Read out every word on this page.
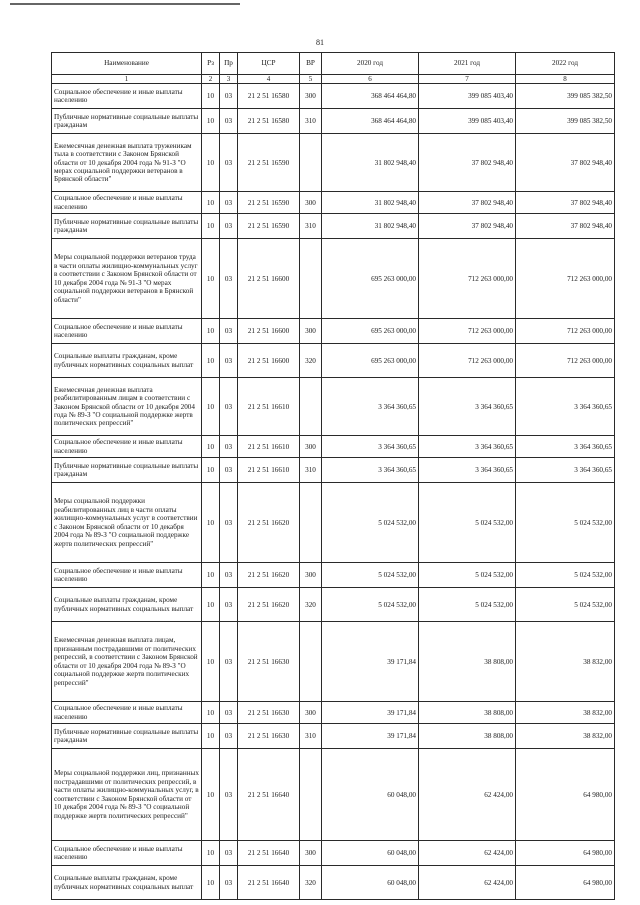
81
Наименование	Рз	Пр	ЦСР	ВР	2020 год	2021 год	2022 год
1	2	3	4	5	6	7	8
Социальное обеспечение и иные выплаты населению	10	03	21 2 51 16580	300	368 464 464,80	399 085 403,40	399 085 382,50
Публичные нормативные социальные выплаты гражданам	10	03	21 2 51 16580	310	368 464 464,80	399 085 403,40	399 085 382,50
Ежемесячная денежная выплата труженикам тыла в соответствии с Законом Брянской области от 10 декабря 2004 года № 91-З "О мерах социальной поддержки ветеранов в Брянской области"	10	03	21 2 51 16590		31 802 948,40	37 802 948,40	37 802 948,40
Социальное обеспечение и иные выплаты населению	10	03	21 2 51 16590	300	31 802 948,40	37 802 948,40	37 802 948,40
Публичные нормативные социальные выплаты гражданам	10	03	21 2 51 16590	310	31 802 948,40	37 802 948,40	37 802 948,40
Меры социальной поддержки ветеранов труда в части оплаты жилищно-коммунальных услуг в соответствии с Законом Брянской области от 10 декабря 2004 года № 91-З "О мерах социальной поддержки ветеранов в Брянской области"	10	03	21 2 51 16600		695 263 000,00	712 263 000,00	712 263 000,00
Социальное обеспечение и иные выплаты населению	10	03	21 2 51 16600	300	695 263 000,00	712 263 000,00	712 263 000,00
Социальные выплаты гражданам, кроме публичных нормативных социальных выплат	10	03	21 2 51 16600	320	695 263 000,00	712 263 000,00	712 263 000,00
Ежемесячная денежная выплата реабилитированным лицам в соответствии с Законом Брянской области от 10 декабря 2004 года № 89-З "О социальной поддержке жертв политических репрессий"	10	03	21 2 51 16610		3 364 360,65	3 364 360,65	3 364 360,65
Социальное обеспечение и иные выплаты населению	10	03	21 2 51 16610	300	3 364 360,65	3 364 360,65	3 364 360,65
Публичные нормативные социальные выплаты гражданам	10	03	21 2 51 16610	310	3 364 360,65	3 364 360,65	3 364 360,65
Меры социальной поддержки реабилитированных лиц в части оплаты жилищно-коммунальных услуг в соответствии с Законом Брянской области от 10 декабря 2004 года № 89-З "О социальной поддержке жертв политических репрессий"	10	03	21 2 51 16620		5 024 532,00	5 024 532,00	5 024 532,00
Социальное обеспечение и иные выплаты населению	10	03	21 2 51 16620	300	5 024 532,00	5 024 532,00	5 024 532,00
Социальные выплаты гражданам, кроме публичных нормативных социальных выплат	10	03	21 2 51 16620	320	5 024 532,00	5 024 532,00	5 024 532,00
Ежемесячная денежная выплата лицам, признанным пострадавшими от политических репрессий, в соответствии с Законом Брянской области от 10 декабря 2004 года № 89-З "О социальной поддержке жертв политических репрессий"	10	03	21 2 51 16630		39 171,84	38 808,00	38 832,00
Социальное обеспечение и иные выплаты населению	10	03	21 2 51 16630	300	39 171,84	38 808,00	38 832,00
Публичные нормативные социальные выплаты гражданам	10	03	21 2 51 16630	310	39 171,84	38 808,00	38 832,00
Меры социальной поддержки лиц, признанных пострадавшими от политических репрессий, в части оплаты жилищно-коммунальных услуг, в соответствии с Законом Брянской области от 10 декабря 2004 года № 89-З "О социальной поддержке жертв политических репрессий"	10	03	21 2 51 16640		60 048,00	62 424,00	64 980,00
Социальное обеспечение и иные выплаты населению	10	03	21 2 51 16640	300	60 048,00	62 424,00	64 980,00
Социальные выплаты гражданам, кроме публичных нормативных социальных выплат	10	03	21 2 51 16640	320	60 048,00	62 424,00	64 980,00
